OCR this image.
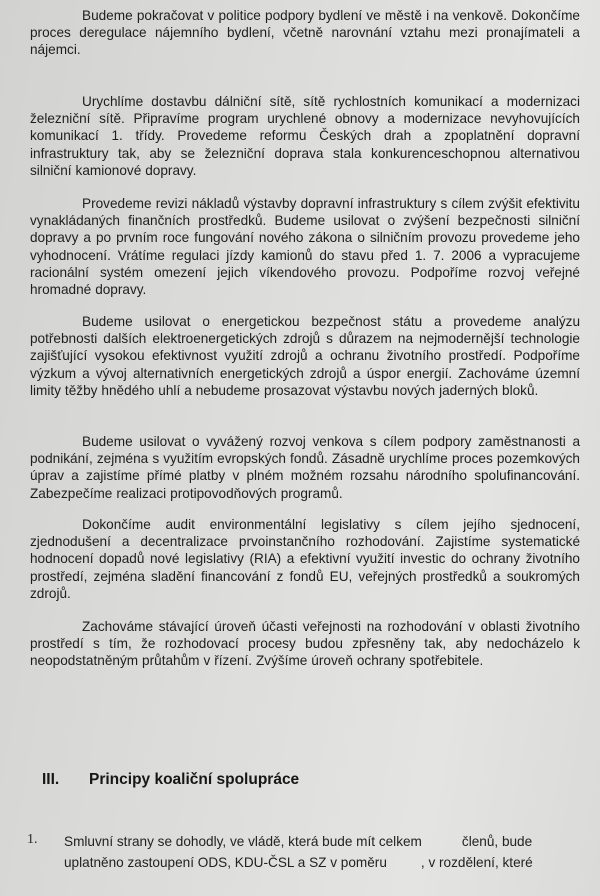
Budeme pokračovat v politice podpory bydlení ve městě i na venkově. Dokončíme proces deregulace nájemního bydlení, včetně narovnání vztahu mezi pronajímateli a nájemci.

Urychlíme dostavbu dálniční sítě, sítě rychlostních komunikací a modernizaci železniční sítě. Připravíme program urychlené obnovy a modernizace nevyhovujících komunikací 1. třídy. Provedeme reformu Českých drah a zpoplatnění dopravní infrastruktury tak, aby se železniční doprava stala konkurenceschopnou alternativou silniční kamionové dopravy.

Provedeme revizi nákladů výstavby dopravní infrastruktury s cílem zvýšit efektivitu vynakládaných finančních prostředků. Budeme usilovat o zvýšení bezpečnosti silniční dopravy a po prvním roce fungování nového zákona o silničním provozu provedeme jeho vyhodnocení. Vrátíme regulaci jízdy kamionů do stavu před 1. 7. 2006 a vypracujeme racionální systém omezení jejich víkendového provozu. Podpoříme rozvoj veřejné hromadné dopravy.

Budeme usilovat o energetickou bezpečnost státu a provedeme analýzu potřebnosti dalších elektroenergetických zdrojů s důrazem na nejmodernější technologie zajišťující vysokou efektivnost využití zdrojů a ochranu životního prostředí. Podpoříme výzkum a vývoj alternativních energetických zdrojů a úspor energií. Zachováme územní limity těžby hnědého uhlí a nebudeme prosazovat výstavbu nových jaderných bloků.

Budeme usilovat o vyvážený rozvoj venkova s cílem podpory zaměstnanosti a podnikání, zejména s využitím evropských fondů. Zásadně urychlíme proces pozemkových úprav a zajistíme přímé platby v plném možném rozsahu národního spolufinancování. Zabezpečíme realizaci protipovodňových programů.

Dokončíme audit environmentální legislativy s cílem jejího sjednocení, zjednodušení a decentralizace prvoinstančního rozhodování. Zajistíme systematické hodnocení dopadů nové legislativy (RIA) a efektivní využití investic do ochrany životního prostředí, zejména sladění financování z fondů EU, veřejných prostředků a soukromých zdrojů.

Zachováme stávající úroveň účasti veřejnosti na rozhodování v oblasti životního prostředí s tím, že rozhodovací procesy budou zpřesněny tak, aby nedocházelo k neopodstatněným průtahům v řízení. Zvýšíme úroveň ochrany spotřebitele.

III. Principy koaliční spolupráce
1. Smluvní strany se dohodly, ve vládě, která bude mít celkem	členů, bude
uplatněno zastoupení ODS, KDU-ČSL a SZ v poměru	, v rozdělení, které
